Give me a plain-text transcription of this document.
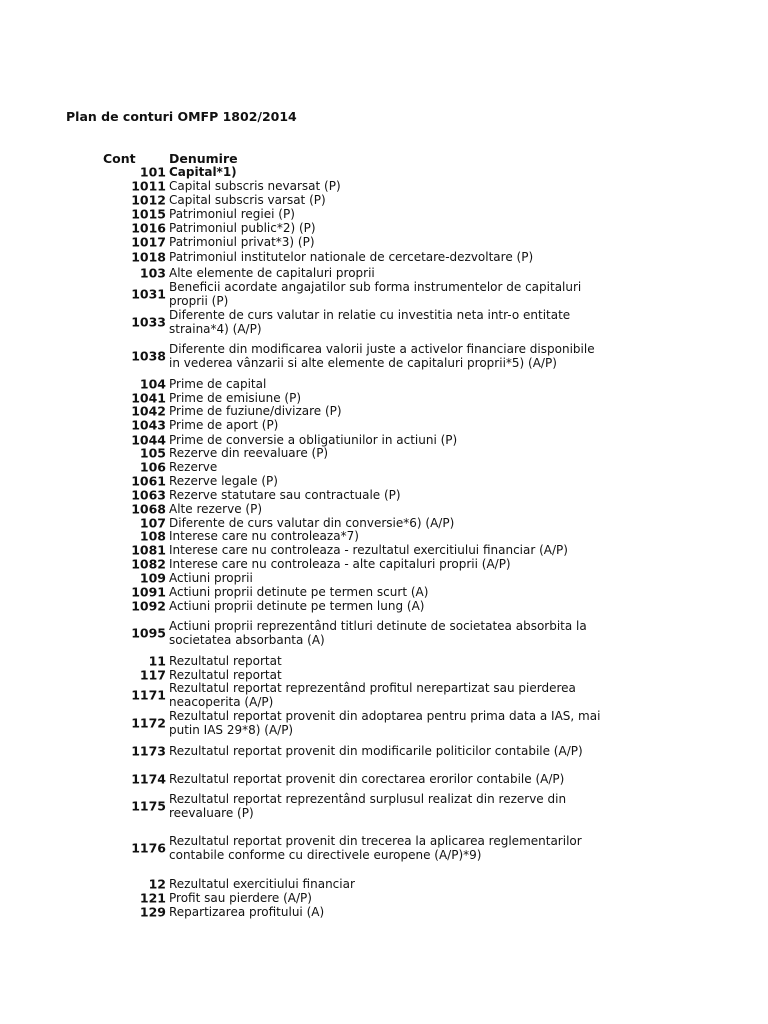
Plan de conturi OMFP 1802/2014
Cont	Denumire
101 Capital*1)
1011 Capital subscris nevarsat (P)
1012 Capital subscris varsat (P)
1015 Patrimoniul regiei (P)
1016 Patrimoniul public*2) (P)
1017 Patrimoniul privat*3) (P)
1018 Patrimoniul institutelor nationale de cercetare-dezvoltare (P)
103 Alte elemente de capitaluri proprii
1031 Beneficii acordate angajatilor sub forma instrumentelor de capitaluri proprii (P)
1033 Diferente de curs valutar in relatie cu investitia neta intr-o entitate straina*4) (A/P)
1038 Diferente din modificarea valorii juste a activelor financiare disponibile in vederea vânzarii si alte elemente de capitaluri proprii*5) (A/P)
104 Prime de capital
1041 Prime de emisiune (P)
1042 Prime de fuziune/divizare (P)
1043 Prime de aport (P)
1044 Prime de conversie a obligatiunilor in actiuni (P)
105 Rezerve din reevaluare (P)
106 Rezerve
1061 Rezerve legale (P)
1063 Rezerve statutare sau contractuale (P)
1068 Alte rezerve (P)
107 Diferente de curs valutar din conversie*6) (A/P)
108 Interese care nu controleaza*7)
1081 Interese care nu controleaza - rezultatul exercitiului financiar (A/P)
1082 Interese care nu controleaza - alte capitaluri proprii (A/P)
109 Actiuni proprii
1091 Actiuni proprii detinute pe termen scurt (A)
1092 Actiuni proprii detinute pe termen lung (A)
1095 Actiuni proprii reprezentând titluri detinute de societatea absorbita la societatea absorbanta (A)
11 Rezultatul reportat
117 Rezultatul reportat
1171 Rezultatul reportat reprezentând profitul nerepartizat sau pierderea neacoperita (A/P)
1172 Rezultatul reportat provenit din adoptarea pentru prima data a IAS, mai putin IAS 29*8) (A/P)
1173 Rezultatul reportat provenit din modificarile politicilor contabile (A/P)
1174 Rezultatul reportat provenit din corectarea erorilor contabile (A/P)
1175 Rezultatul reportat reprezentând surplusul realizat din rezerve din reevaluare (P)
1176 Rezultatul reportat provenit din trecerea la aplicarea reglementarilor contabile conforme cu directivele europene (A/P)*9)
12 Rezultatul exercitiului financiar
121 Profit sau pierdere (A/P)
129 Repartizarea profitului (A)
